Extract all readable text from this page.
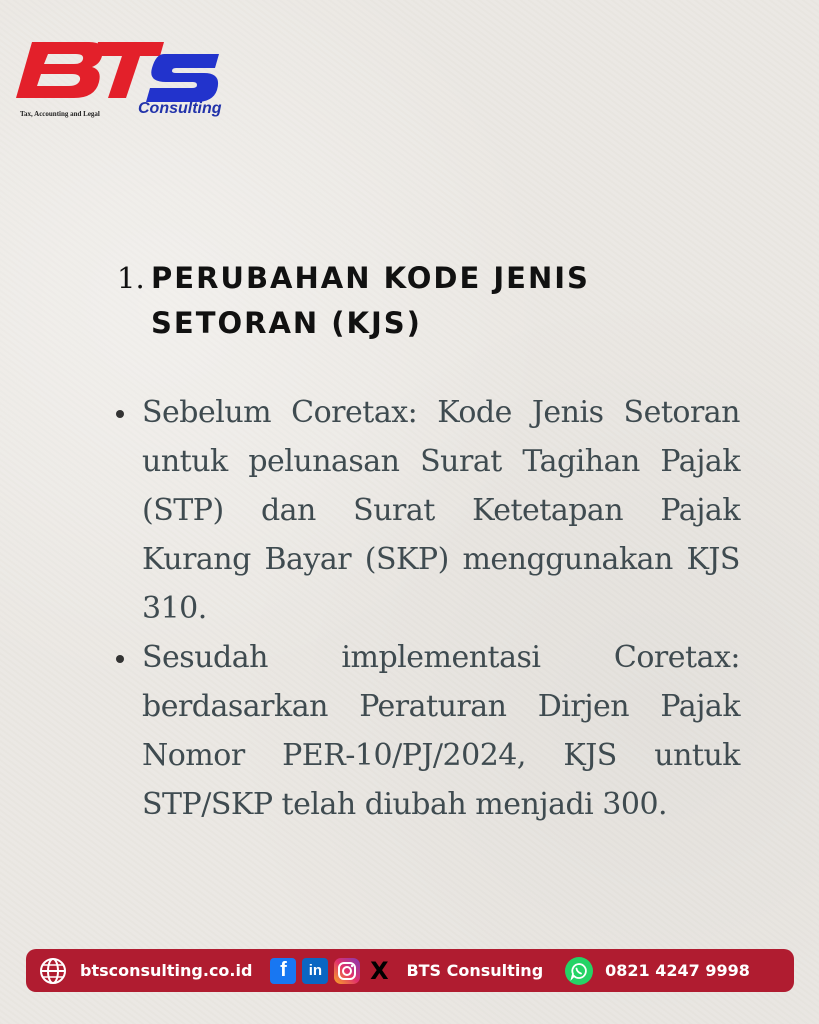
Tax, Accounting and Legal Consulting
1. PERUBAHAN KODE JENIS SETORAN (KJS)
Sebelum Coretax: Kode Jenis Setoran untuk pelunasan Surat Tagihan Pajak (STP) dan Surat Ketetapan Pajak Kurang Bayar (SKP) menggunakan KJS 310.
Sesudah implementasi Coretax: berdasarkan Peraturan Dirjen Pajak Nomor PER-10/PJ/2024, KJS untuk STP/SKP telah diubah menjadi 300.
btsconsulting.co.id	f	in X BTS Consulting	0821 4247 9998
